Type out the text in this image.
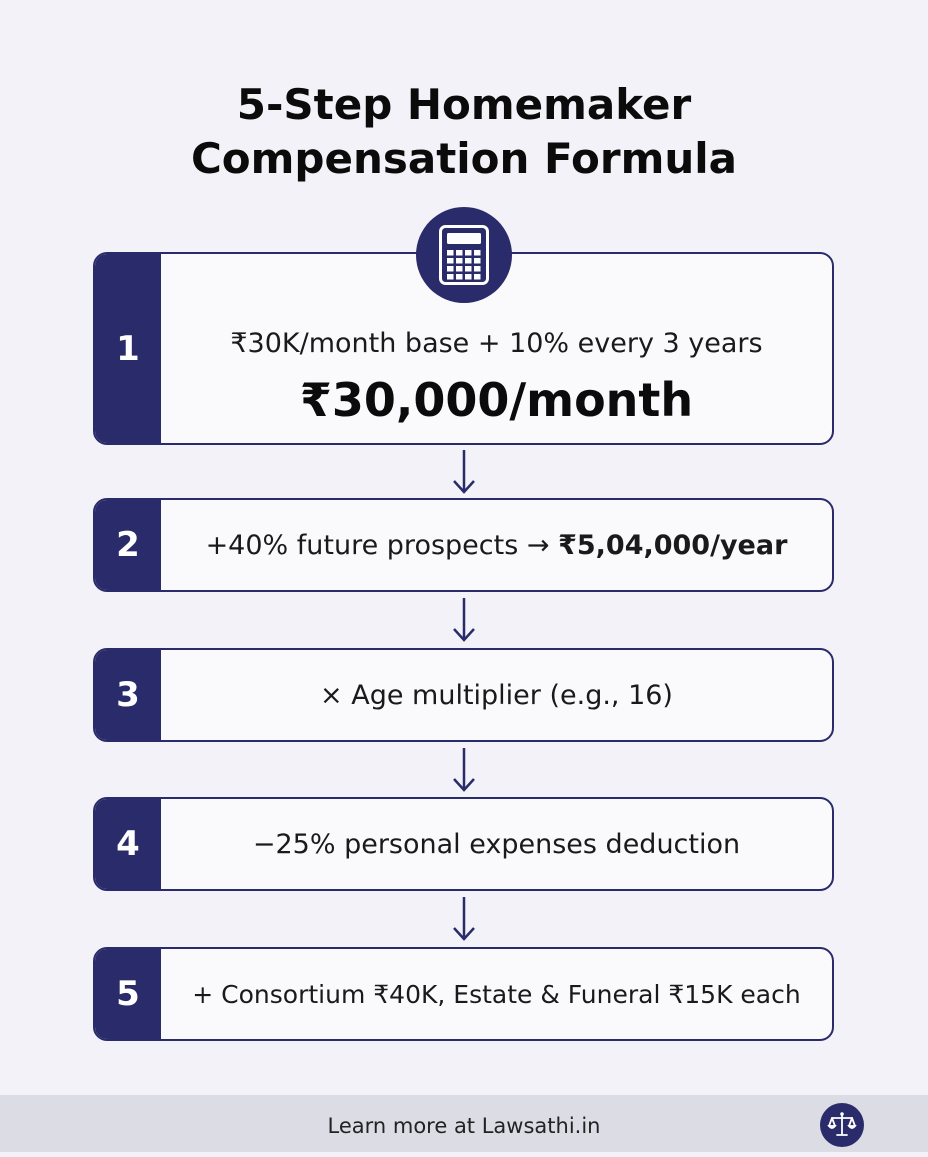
5-Step Homemaker
Compensation Formula
1	₹30K/month base + 10% every 3 years
₹30,000/month
2	+40% future prospects → ₹5,04,000/year
3	× Age multiplier (e.g., 16)
4	−25% personal expenses deduction
5	+ Consortium ₹40K, Estate & Funeral ₹15K each
Learn more at Lawsathi.in
